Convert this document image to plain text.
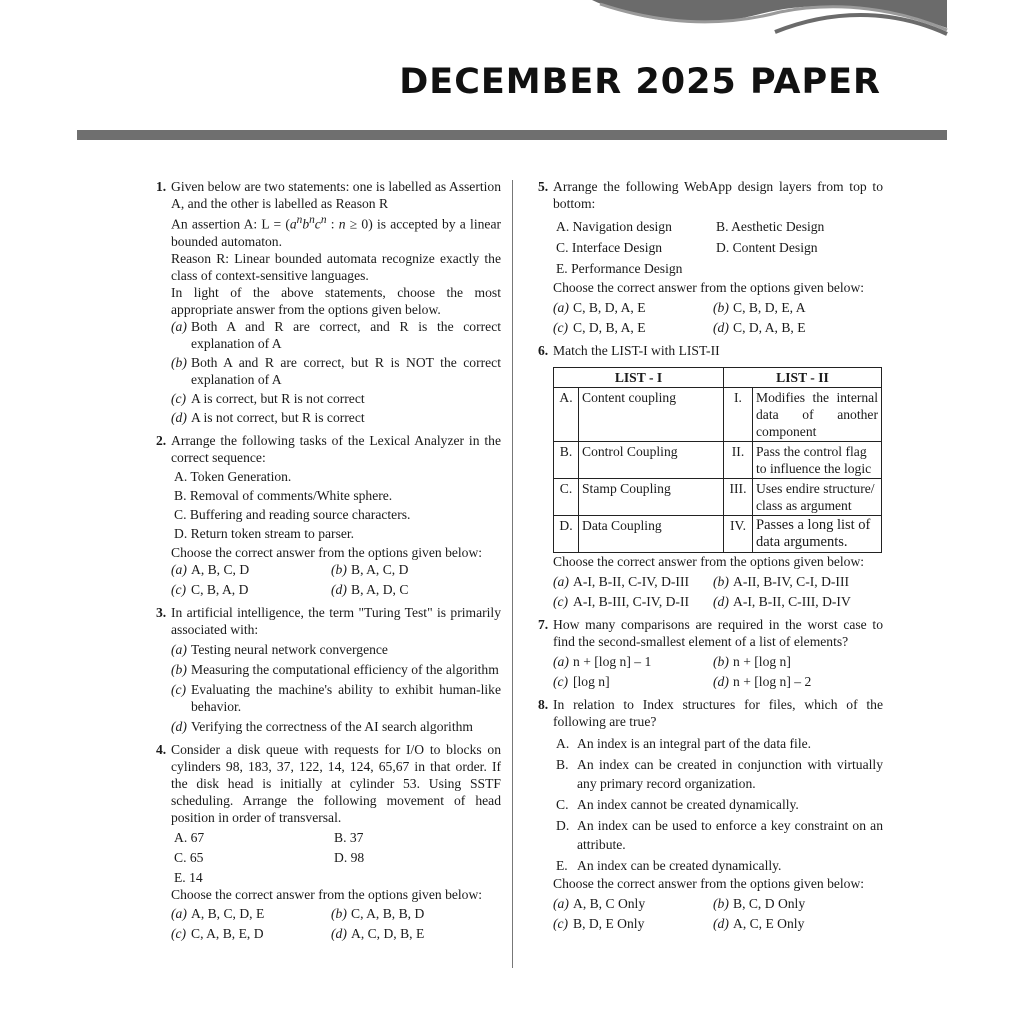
DECEMBER 2025 PAPER
1. Given below are two statements: one is labelled as Assertion A, and the other is labelled as Reason R

An assertion A: $L = (a^nb^nc^n$ : n ≥ 0) is accepted by a linear bounded automaton.

Reason R: Linear bounded automata recognize exactly the class of context-sensitive languages.

In light of the above statements, choose the most appropriate answer from the options given below.

(a) Both A and R are correct, and R is the correct explanation of A
(b) Both A and R are correct, but R is NOT the correct explanation of A
(c) A is correct, but R is not correct
(d) A is not correct, but R is correct
2. Arrange the following tasks of the Lexical Analyzer in the correct sequence:

A. Token Generation.
B. Removal of comments/White sphere.
C. Buffering and reading source characters.
D. Return token stream to parser.

Choose the correct answer from the options given below:

(a) A, B, C, D	(b) B, A, C, D
(c) C, B, A, D	(d) B, A, D, C
3. In artificial intelligence, the term "Turing Test" is primarily associated with:

(a) Testing neural network convergence
(b) Measuring the computational efficiency of the algorithm
(c) Evaluating the machine's ability to exhibit human-like behavior.
(d) Verifying the correctness of the AI search algorithm
4. Consider a disk queue with requests for I/O to blocks on cylinders 98, 183, 37, 122, 14, 124, 65,67 in that order. If the disk head is initially at cylinder 53. Using SSTF scheduling. Arrange the following movement of head position in order of transversal.

A. 67	B. 37
C. 65	D. 98
E. 14

Choose the correct answer from the options given below:

(a) A, B, C, D, E	(b) C, A, B, B, D
(c) C, A, B, E, D	(d) A, C, D, B, E
5. Arrange the following WebApp design layers from top to bottom:

A. Navigation design	B. Aesthetic Design
C. Interface Design	D. Content Design
E. Performance Design

Choose the correct answer from the options given below:

(a) C, B, D, A, E	(b) C, B, D, E, A
(c) C, D, B, A, E	(d) C, D, A, B, E
6. Match the LIST-I with LIST-II

LIST - I		LIST - II	
A.	Content coupling	I.	Modifies the internal data of another component
B.	Control Coupling	II.	Pass the control flag to influence the logic
C.	Stamp Coupling	III.	Uses endire structure/ class as argument
D.	Data Coupling	IV.	Passes a long list of data arguments.

Choose the correct answer from the options given below:

(a) A-I, B-II, C-IV, D-III (b) A-II, B-IV, C-I, D-III
(c) A-I, B-III, C-IV, D-II (d) A-I, B-II, C-III, D-IV
7. How many comparisons are required in the worst case to find the second-smallest element of a list of elements?

(a) n + [log n] – 1	(b) n + [log n]
(c) [log n]	(d) n + [log n] – 2
8. In relation to Index structures for files, which of the following are true?

A. An index is an integral part of the data file.
B. An index can be created in conjunction with virtually any primary record organization.
C. An index cannot be created dynamically.
D. An index can be used to enforce a key constraint on an attribute.
E. An index can be created dynamically.

Choose the correct answer from the options given below:

(a) A, B, C Only	(b) B, C, D Only
(c) B, D, E Only	(d) A, C, E Only
